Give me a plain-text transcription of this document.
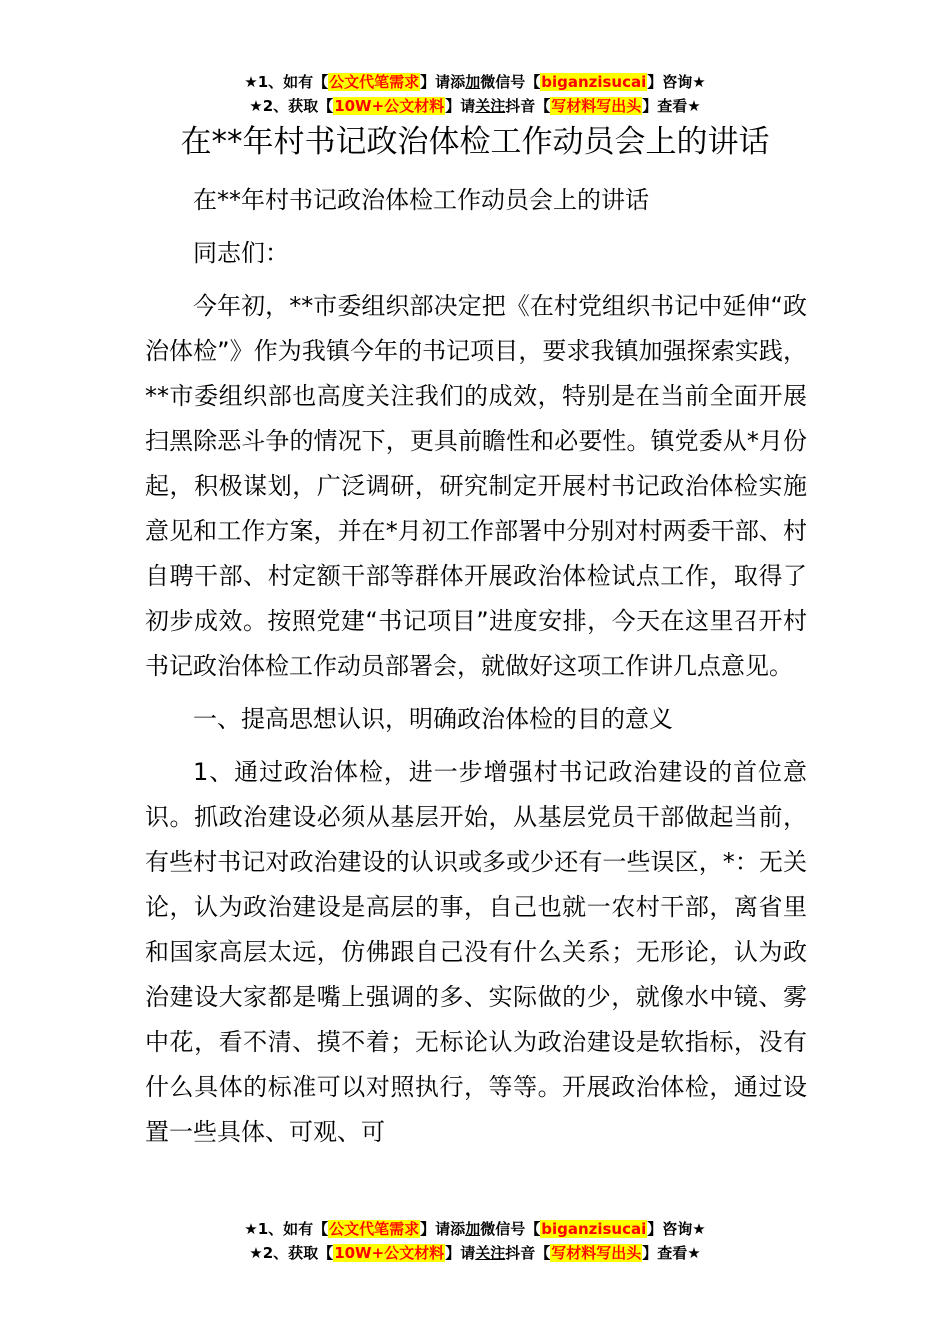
★1、如有【公文代笔需求】请添加微信号【biganzisucai】咨询★
★2、获取【10W+公文材料】请关注抖音【写材料写出头】查看★
在**年村书记政治体检工作动员会上的讲话

在**年村书记政治体检工作动员会上的讲话

同志们：

今年初，**市委组织部决定把《在村党组织书记中延伸“政治体检”》作为我镇今年的书记项目，要求我镇加强探索实践，**市委组织部也高度关注我们的成效，特别是在当前全面开展扫黑除恶斗争的情况下，更具前瞻性和必要性。镇党委从*月份起，积极谋划，广泛调研，研究制定开展村书记政治体检实施意见和工作方案，并在*月初工作部署中分别对村两委干部、村自聘干部、村定额干部等群体开展政治体检试点工作，取得了初步成效。按照党建“书记项目”进度安排，今天在这里召开村书记政治体检工作动员部署会，就做好这项工作讲几点意见。

一、提高思想认识，明确政治体检的目的意义

1、通过政治体检，进一步增强村书记政治建设的首位意识。抓政治建设必须从基层开始，从基层党员干部做起当前，有些村书记对政治建设的认识或多或少还有一些误区，*：无关论，认为政治建设是高层的事，自己也就一农村干部，离省里和国家高层太远，仿佛跟自己没有什么关系；无形论，认为政治建设大家都是嘴上强调的多、实际做的少，就像水中镜、雾中花，看不清、摸不着；无标论认为政治建设是软指标，没有什么具体的标准可以对照执行，等等。开展政治体检，通过设置一些具体、可观、可

★1、如有【公文代笔需求】请添加微信号【biganzisucai】咨询★
★2、获取【10W+公文材料】请关注抖音【写材料写出头】查看★
